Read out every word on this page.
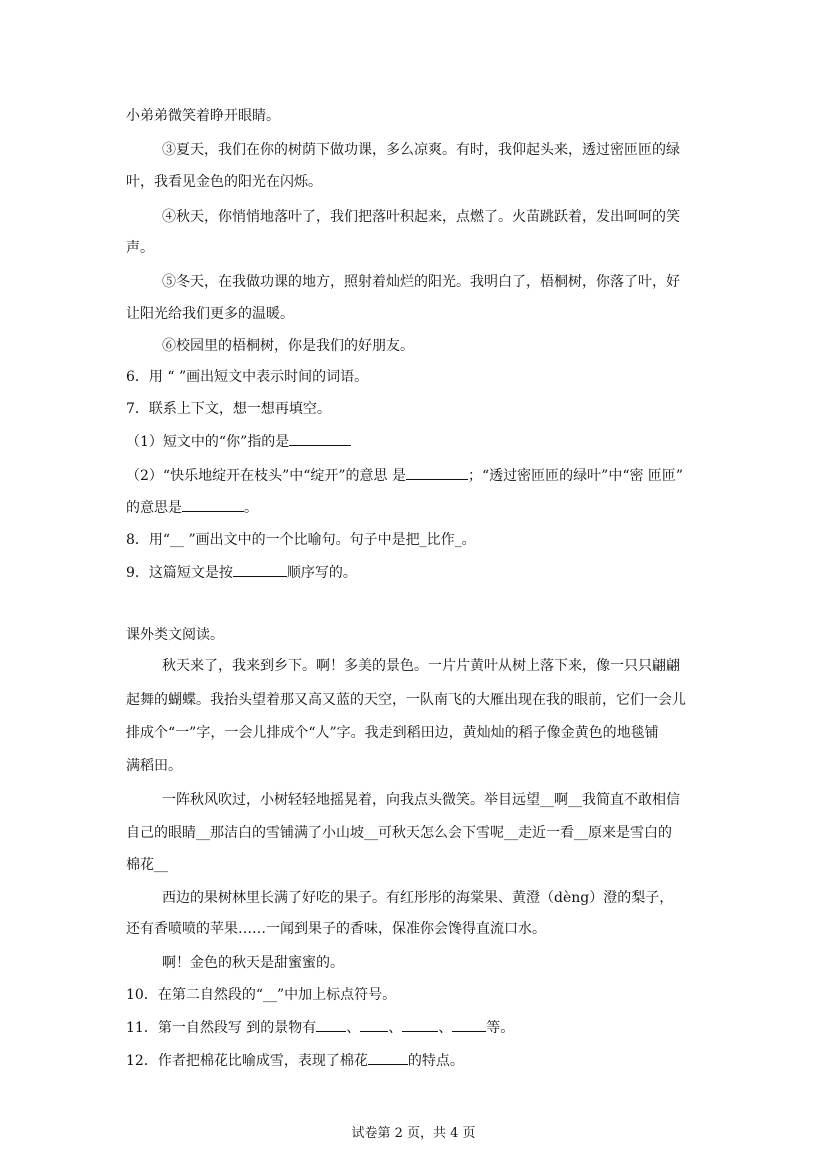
小弟弟微笑着睁开眼睛。
③夏天，我们在你的树荫下做功课，多么凉爽。有时，我仰起头来，透过密匝匝的绿
叶，我看见金色的阳光在闪烁。
④秋天，你悄悄地落叶了，我们把落叶积起来，点燃了。火苗跳跃着，发出呵呵的笑
声。
⑤冬天，在我做功课的地方，照射着灿烂的阳光。我明白了，梧桐树，你落了叶，好
让阳光给我们更多的温暖。
⑥校园里的梧桐树，你是我们的好朋友。
6．用 “ ”画出短文中表示时间的词语。
7．联系上下文，想一想再填空。
（1）短文中的“你”指的是
（2）“快乐地绽开在枝头”中“绽开”的意思 是	；“透过密匝匝的绿叶”中“密 匝匝”
的意思是	。
8．用“__ ”画出文中的一个比喻句。句子中是把_比作_。
9．这篇短文是按	顺序写的。
课外类文阅读。
秋天来了，我来到乡下。啊！多美的景色。一片片黄叶从树上落下来，像一只只翩翩
起舞的蝴蝶。我抬头望着那又高又蓝的天空，一队南飞的大雁出现在我的眼前，它们一会儿
排成个“一”字，一会儿排成个“人”字。我走到稻田边，黄灿灿的稻子像金黄色的地毯铺
满稻田。
一阵秋风吹过，小树轻轻地摇晃着，向我点头微笑。举目远望__啊__我简直不敢相信
自己的眼睛__那洁白的雪铺满了小山坡__可秋天怎么会下雪呢__走近一看__原来是雪白的
棉花__
西边的果树林里长满了好吃的果子。有红彤彤的海棠果、黄澄（dèng）澄的梨子，
还有香喷喷的苹果……一闻到果子的香味，保准你会馋得直流口水。
啊！金色的秋天是甜蜜蜜的。
10．在第二自然段的“__”中加上标点符号。
11．第一自然段写 到的景物有 、 、	、 等。
12．作者把棉花比喻成雪，表现了棉花	的特点。
试卷第 2 页，共 4 页
